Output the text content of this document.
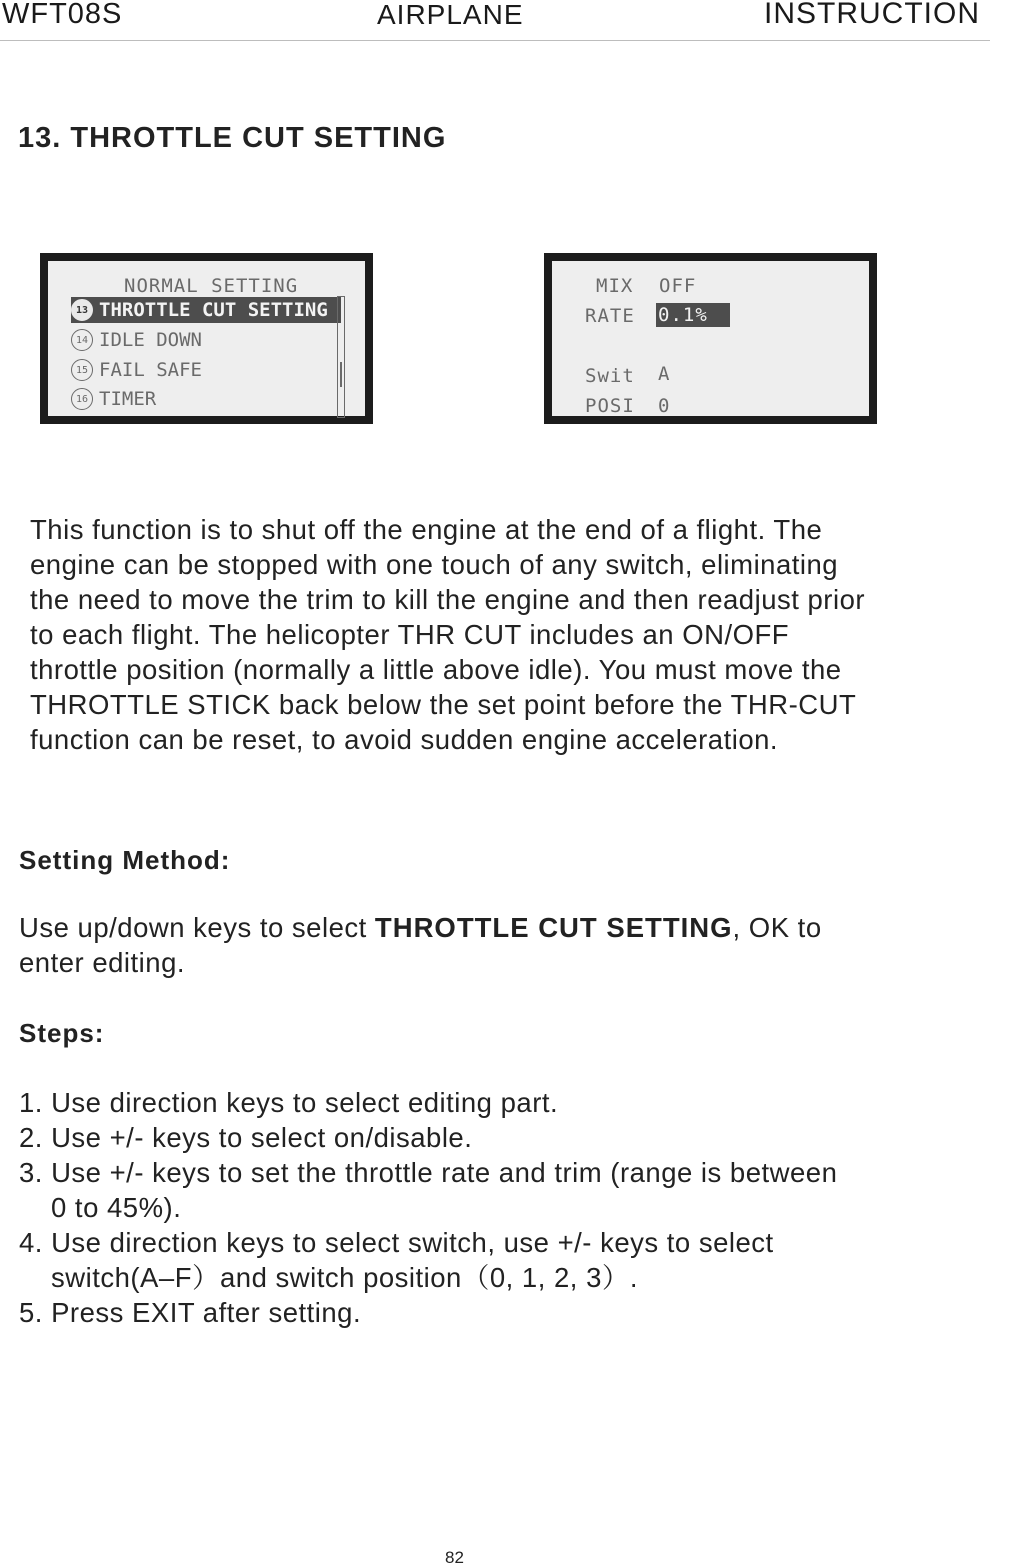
WFT08S	AIRPLANE	INSTRUCTION
13. THROTTLE CUT SETTING
NORMAL SETTING
13 THROTTLE CUT SETTING
14 IDLE DOWN
15 FAIL SAFE
16 TIMER
MIX OFF
RATE 0.1%
Swit A
POSI 0

This function is to shut off the engine at the end of a flight. The

engine can be stopped with one touch of any switch, eliminating

the need to move the trim to kill the engine and then readjust prior

to each flight. The helicopter THR CUT includes an ON/OFF

throttle position (normally a little above idle). You must move the

THROTTLE STICK back below the set point before the THR-CUT

function can be reset, to avoid sudden engine acceleration.

Setting Method:
Use up/down keys to select THROTTLE CUT SETTING, OK to
enter editing.
Steps:
1. Use direction keys to select editing part.
2. Use +/- keys to select on/disable.
3. Use +/- keys to set the throttle rate and trim (range is between
0 to 45%).
4. Use direction keys to select switch, use +/- keys to select
switch(A–F）and switch position（0, 1, 2, 3）.
5. Press EXIT after setting.
82
